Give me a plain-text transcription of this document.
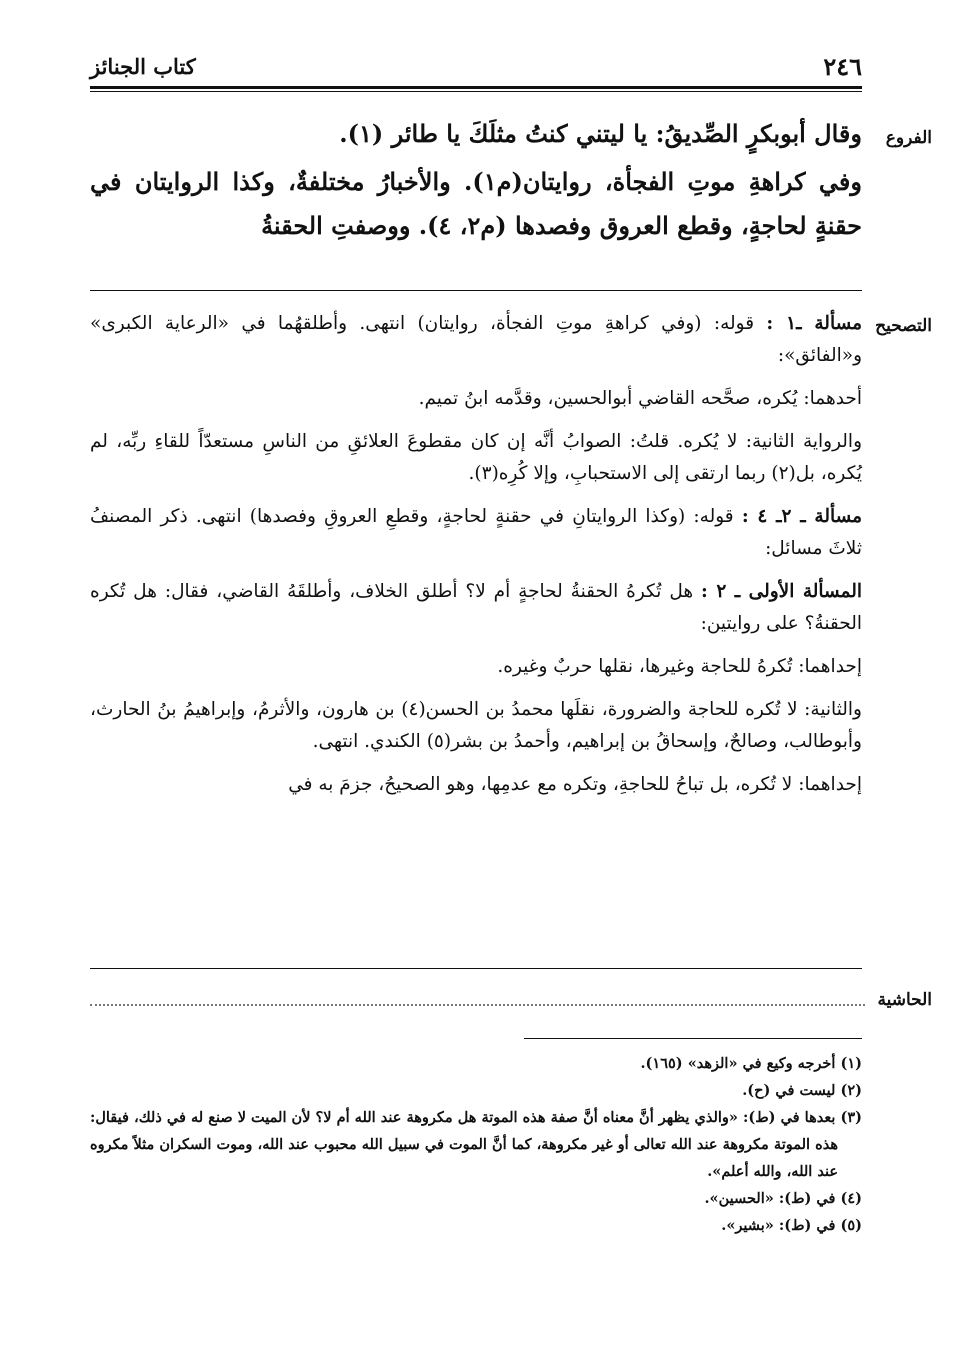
٢٤٦
كتاب الجنائز
الفروع
التصحيح
الحاشية

وقال أبوبكرٍ الصِّديقُ: يا ليتني كنتُ مثلَكَ يا طائر (١).

وفي كراهةِ موتِ الفجأة، روايتان(م١). والأخبارُ مختلفةٌ، وكذا الروايتان في حقنةٍ لحاجةٍ، وقطع العروق وفصدها (م٢، ٤). ووصفتِ الحقنةُ

مسألة ـ١ : قوله: (وفي كراهةِ موتِ الفجأة، روايتان) انتهى. وأطلقهُما في «الرعاية الكبرى» و«الفائق»:

أحدهما: يُكره، صحَّحه القاضي أبوالحسين، وقدَّمه ابنُ تميم.

والرواية الثانية: لا يُكره. قلتُ: الصوابُ أنَّه إن كان مقطوعَ العلائقِ من الناسِ مستعدّاً للقاءِ ربِّه، لم يُكره، بل(٢) ربما ارتقى إلى الاستحبابِ، وإلا كُرِه(٣).

مسألة ـ ٢ـ ٤ : قوله: (وكذا الروايتانِ في حقنةٍ لحاجةٍ، وقطعِ العروقِ وفصدها) انتهى. ذكر المصنفُ ثلاثَ مسائل:

المسألة الأولى ـ ٢ : هل تُكرهُ الحقنةُ لحاجةٍ أم لا؟ أطلق الخلاف، وأطلقَهُ القاضي، فقال: هل تُكره الحقنةُ؟ على روايتين:

إحداهما: تُكرهُ للحاجة وغيرها، نقلها حربٌ وغيره.

والثانية: لا تُكره للحاجة والضرورة، نقلَها محمدُ بن الحسن(٤) بن هارون، والأثرمُ، وإبراهيمُ بنُ الحارث، وأبوطالب، وصالحٌ، وإسحاقُ بن إبراهيم، وأحمدُ بن بشر(٥) الكندي. انتهى.

إحداهما: لا تُكره، بل تباحُ للحاجةِ، وتكره مع عدمِها، وهو الصحيحُ، جزمَ به في

(١) أخرجه وكيع في «الزهد» (١٦٥).

(٢) ليست في (ح).

(٣) بعدها في (ط): «والذي يظهر أنَّ معناه أنَّ صفة هذه الموتة هل مكروهة عند الله أم لا؟ لأن الميت لا صنع له في ذلك، فيقال: هذه الموتة مكروهة عند الله تعالى أو غير مكروهة، كما أنَّ الموت في سبيل الله محبوب عند الله، وموت السكران مثلاً مكروه عند الله، والله أعلم».

(٤) في (ط): «الحسين».

(٥) في (ط): «بشير».
